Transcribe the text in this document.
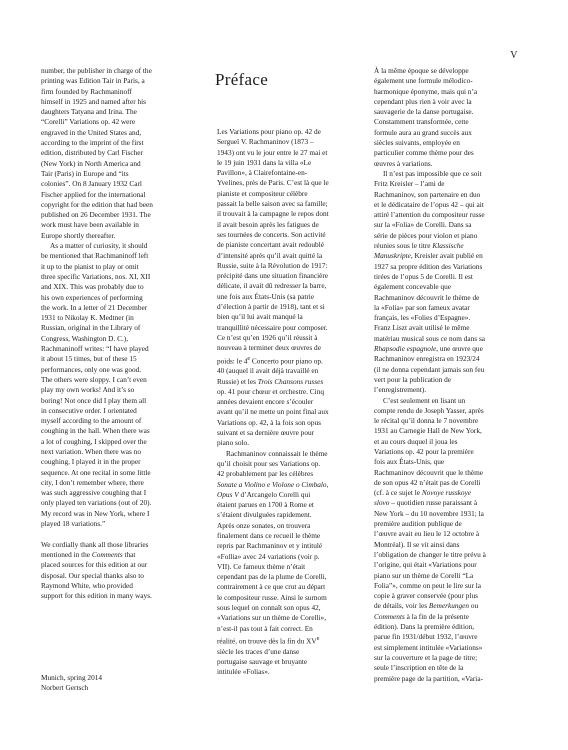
V

number, the publisher in charge of the printing was Edition Tair in Paris, a firm founded by Rachmaninoff himself in 1925 and named after his daughters Tatyana and Irina. The “Corelli” Variations op. 42 were engraved in the United States and, according to the imprint of the first edition, distributed by Carl Fischer (New York) in North America and Tair (Paris) in Europe and “its colonies”. On 8 January 1932 Carl Fischer applied for the international copyright for the edition that had been published on 26 December 1931. The work must have been available in Europe shortly thereafter.

As a matter of curiosity, it should be mentioned that Rachmaninoff left it up to the pianist to play or omit three specific Variations, nos. XI, XII and XIX. This was probably due to his own experiences of performing the work. In a letter of 21 December 1931 to Nikolay K. Medtner (in Russian, original in the Library of Congress, Washington D. C.), Rachmaninoff writes: “I have played it about 15 times, but of these 15 performances, only one was good. The others were sloppy. I can’t even play my own works! And it’s so boring! Not once did I play them all in consecutive order. I orientated myself according to the amount of coughing in the hall. When there was a lot of coughing, I skipped over the next variation. When there was no coughing, I played it in the proper sequence. At one recital in some little city, I don’t remember where, there was such aggressive coughing that I only played ten variations (out of 20). My record was in New York, where I played 18 variations.”

We cordially thank all those libraries mentioned in the Comments that placed sources for this edition at our disposal. Our special thanks also to Raymond White, who provided support for this edition in many ways.

Munich, spring 2014
Norbert Gertsch
Préface

Les Variations pour piano op. 42 de Sergueï V. Rachmaninov (1873 – 1943) ont vu le jour entre le 27 mai et le 19 juin 1931 dans la villa «Le Pavillon», à Clairefontaine-en-Yvelines, près de Paris. C’est là que le pianiste et compositeur célèbre passait la belle saison avec sa famille; il trouvait à la campagne le repos dont il avait besoin après les fatigues de ses tournées de concerts. Son activité de pianiste concertant avait redoublé d’intensité après qu’il avait quitté la Russie, suite à la Révolution de 1917: précipité dans une situation financière délicate, il avait dû redresser la barre, une fois aux États-Unis (sa patrie d’élection à partir de 1918), tant et si bien qu’il lui avait manqué la tranquillité nécessaire pour composer. Ce n’est qu’en 1926 qu’il réussit à nouveau à terminer deux œuvres de poids: le 4e Concerto pour piano op. 40 (auquel il avait déjà travaillé en Russie) et les Trois Chansons russes op. 41 pour chœur et orchestre. Cinq années devaient encore s’écouler avant qu’il ne mette un point final aux Variations op. 42, à la fois son opus suivant et sa dernière œuvre pour piano solo.

Rachmaninov connaissait le thème qu’il choisit pour ses Variations op. 42 probablement par les célèbres Sonate a Violino e Violone o Cimbalo, Opus V d’Arcangelo Corelli qui étaient parues en 1700 à Rome et s’étaient divulguées rapidement. Après onze sonates, on trouvera finalement dans ce recueil le thème repris par Rachmaninov et y intitulé «Follia» avec 24 variations (voir p. VII). Ce fameux thème n’était cependant pas de la plume de Corelli, contrairement à ce que crut au départ le compositeur russe. Ainsi le surnom sous lequel on connaît son opus 42, «Variations sur un thème de Corelli», n’est-il pas tout à fait correct. En réalité, on trouve dès la fin du XVe siècle les traces d’une danse portugaise sauvage et bruyante intitulée «Folias».

À la même époque se développe également une formule mélodico-harmonique éponyme, mais qui n’a cependant plus rien à voir avec la sauvagerie de la danse portugaise. Constamment transformée, cette formule aura au grand succès aux siècles suivants, employée en particulier comme thème pour des œuvres à variations.

Il n’est pas impossible que ce soit Fritz Kreisler – l’ami de Rachmaninov, son partenaire en duo et le dédicataire de l’opus 42 – qui ait attiré l’attention du compositeur russe sur la «Folia» de Corelli. Dans sa série de pièces pour violon et piano réunies sous le titre Klassische Manuskripte, Kreisler avait publié en 1927 sa propre édition des Variations tirées de l’opus 5 de Corelli. Il est également concevable que Rachmaninov découvrit le thème de la «Folia» par son fameux avatar français, les «Folies d’Espagne». Franz Liszt avait utilisé le même matériau musical sous ce nom dans sa Rhapsodie espagnole, une œuvre que Rachmaninov enregistra en 1923/24 (il ne donna cependant jamais son feu vert pour la publication de l’enregistrement).

C’est seulement en lisant un compte rendu de Joseph Yasser, après le récital qu’il donna le 7 novembre 1931 au Carnegie Hall de New York, et au cours duquel il joua les Variations op. 42 pour la première fois aux États-Unis, que Rachmaninov découvrit que le thème de son opus 42 n’était pas de Corelli (cf. à ce sujet le Novoye russkoye slovo – quotidien russe paraissant à New York – du 10 novembre 1931; la première audition publique de l’œuvre avait eu lieu le 12 octobre à Montréal). Il se vit ainsi dans l’obligation de changer le titre prévu à l’origine, qui était «Variations pour piano sur un thème de Corelli “La Folia”», comme on peut le lire sur la copie à graver conservée (pour plus de détails, voir les Bemerkungen ou Comments à la fin de la présente édition). Dans la première édition, parue fin 1931/début 1932, l’œuvre est simplement intitulée «Variations» sur la couverture et la page de titre; seule l’inscription en tête de la première page de la partition, «Varia-
